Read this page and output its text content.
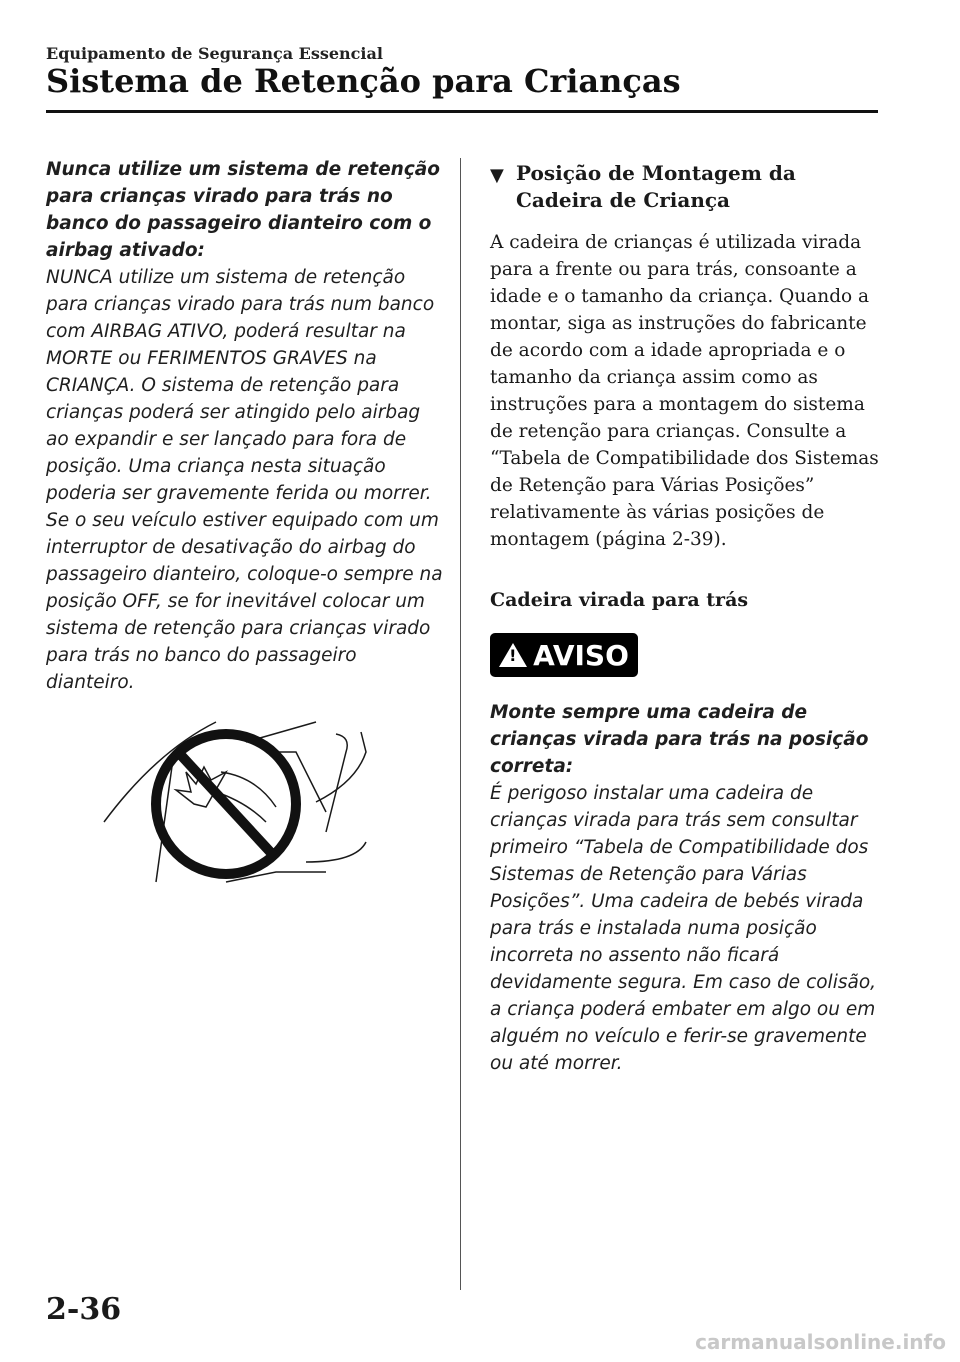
Equipamento de Segurança Essencial
Sistema de Retenção para Crianças
Nunca utilize um sistema de retenção para crianças virado para trás no banco do passageiro dianteiro com o airbag ativado:
NUNCA utilize um sistema de retenção para crianças virado para trás num banco com AIRBAG ATIVO, poderá resultar na MORTE ou FERIMENTOS GRAVES na CRIANÇA. O sistema de retenção para crianças poderá ser atingido pelo airbag ao expandir e ser lançado para fora de posição. Uma criança nesta situação poderia ser gravemente ferida ou morrer. Se o seu veículo estiver equipado com um interruptor de desativação do airbag do passageiro dianteiro, coloque-o sempre na posição OFF, se for inevitável colocar um sistema de retenção para crianças virado para trás no banco do passageiro dianteiro.
▼ Posição de Montagem da Cadeira de Criança
A cadeira de crianças é utilizada virada para a frente ou para trás, consoante a idade e o tamanho da criança. Quando a montar, siga as instruções do fabricante de acordo com a idade apropriada e o tamanho da criança assim como as instruções para a montagem do sistema de retenção para crianças. Consulte a “Tabela de Compatibilidade dos Sistemas de Retenção para Várias Posições” relativamente às várias posições de montagem (página 2-39).
Cadeira virada para trás
!
AVISO
Monte sempre uma cadeira de crianças virada para trás na posição correta:
É perigoso instalar uma cadeira de crianças virada para trás sem consultar primeiro “Tabela de Compatibilidade dos Sistemas de Retenção para Várias Posições”. Uma cadeira de bebés virada para trás e instalada numa posição incorreta no assento não ficará devidamente segura. Em caso de colisão, a criança poderá embater em algo ou em alguém no veículo e ferir-se gravemente ou até morrer.
2-36
carmanualsonline.info
